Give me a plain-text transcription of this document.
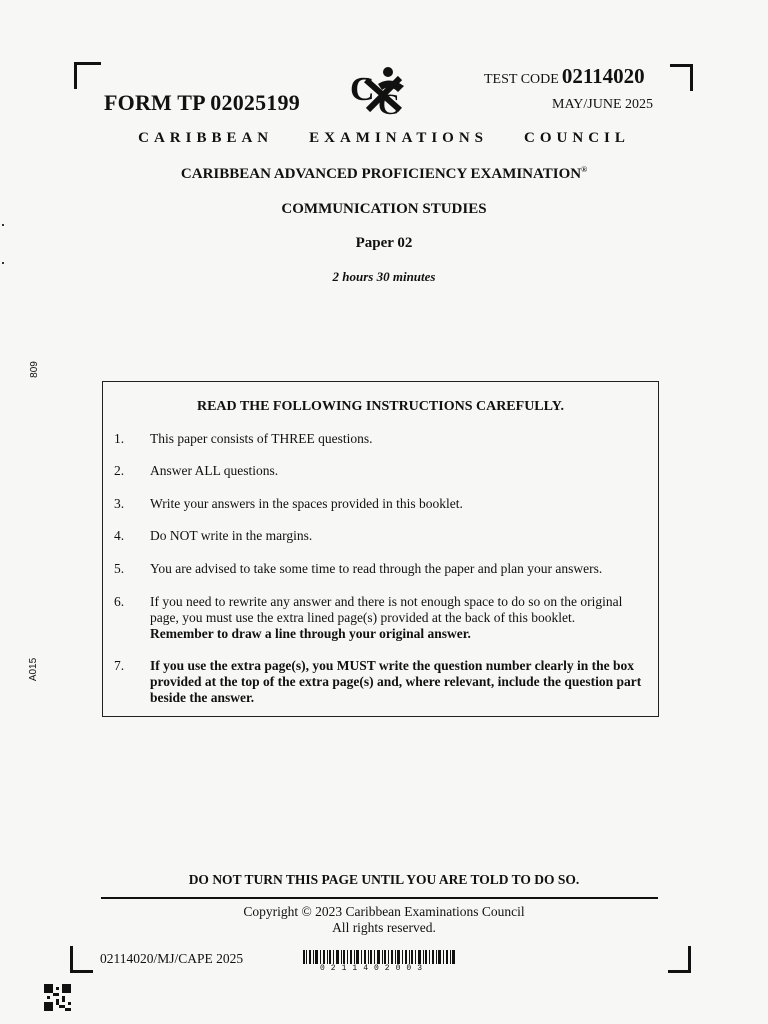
FORM TP 02025199 C C
TEST CODE 02114020
MAY/JUNE 2025
CARIBBEAN EXAMINATIONS COUNCIL
CARIBBEAN ADVANCED PROFICIENCY EXAMINATION®
COMMUNICATION STUDIES
Paper 02
2 hours 30 minutes
809
A015
READ THE FOLLOWING INSTRUCTIONS CAREFULLY.
1. This paper consists of THREE questions.
2. Answer ALL questions.
3. Write your answers in the spaces provided in this booklet.
4. Do NOT write in the margins.
5. You are advised to take some time to read through the paper and plan your answers.
6. If you need to rewrite any answer and there is not enough space to do so on the original page, you must use the extra lined page(s) provided at the back of this booklet.
Remember to draw a line through your original answer.
7. If you use the extra page(s), you MUST write the question number clearly in the box provided at the top of the extra page(s) and, where relevant, include the question part beside the answer.
DO NOT TURN THIS PAGE UNTIL YOU ARE TOLD TO DO SO.
Copyright © 2023 Caribbean Examinations Council
All rights reserved.
02114020/MJ/CAPE 2025
0211402003
